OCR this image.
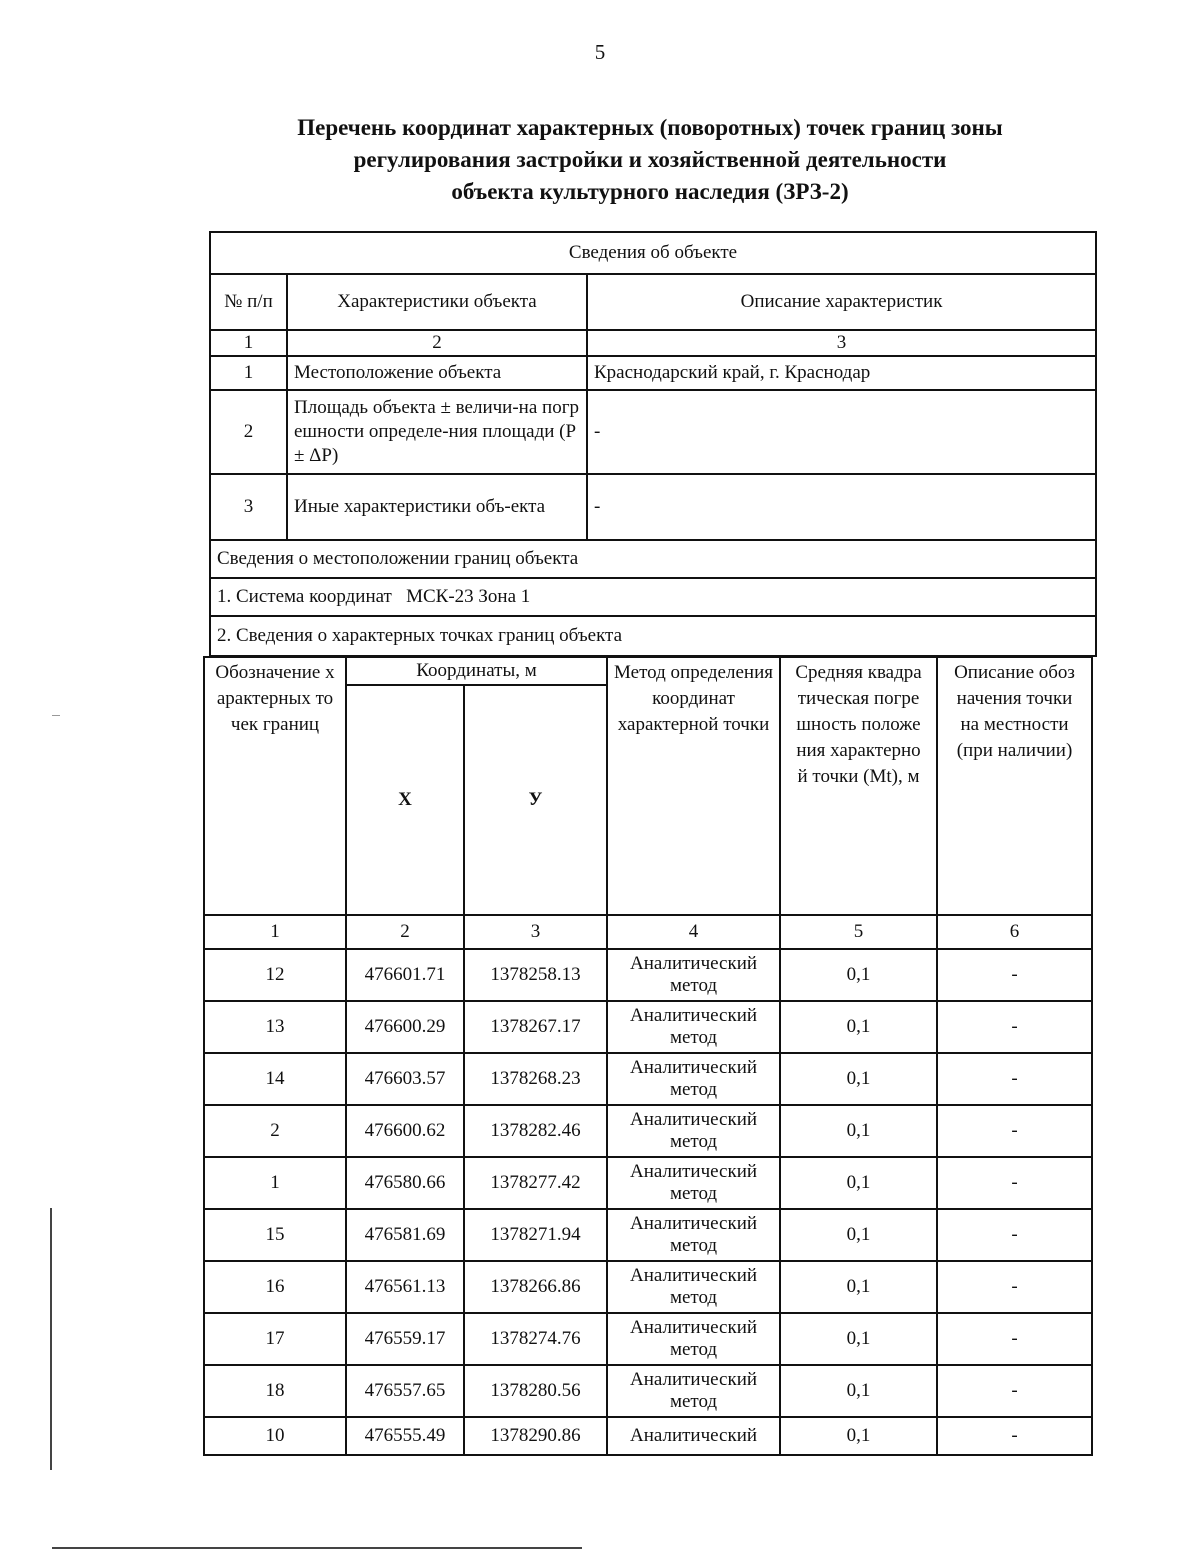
5
Перечень координат характерных (поворотных) точек границ зоны
регулирования застройки и хозяйственной деятельности
объекта культурного наследия (ЗРЗ-2)
Сведения об объекте		
№ п/п	Характеристики объекта	Описание характеристик
1	2	3
1	Местоположение объекта	Краснодарский край, г. Краснодар
2	Площадь объекта ± величи-на погрешности определе-ния площади (P ± ΔP)	-
3	Иные характеристики объ-екта	-
Сведения о местоположении границ объекта		
1. Система координат   МСК-23 Зона 1		
2. Сведения о характерных точках границ объекта		
Обозначение характерных точек границ	Координаты, м		Метод определения координат характерной точки	Средняя квадратическая погрешность положения характерной точки (Mt), м	Описание обозначения точки на местности (при наличии)
	Х	У			
1	2	3	4	5	6
12	476601.71	1378258.13	Аналитический метод	0,1	-
13	476600.29	1378267.17	Аналитический метод	0,1	-
14	476603.57	1378268.23	Аналитический метод	0,1	-
2	476600.62	1378282.46	Аналитический метод	0,1	-
1	476580.66	1378277.42	Аналитический метод	0,1	-
15	476581.69	1378271.94	Аналитический метод	0,1	-
16	476561.13	1378266.86	Аналитический метод	0,1	-
17	476559.17	1378274.76	Аналитический метод	0,1	-
18	476557.65	1378280.56	Аналитический метод	0,1	-
10	476555.49	1378290.86	Аналитический	0,1	-
